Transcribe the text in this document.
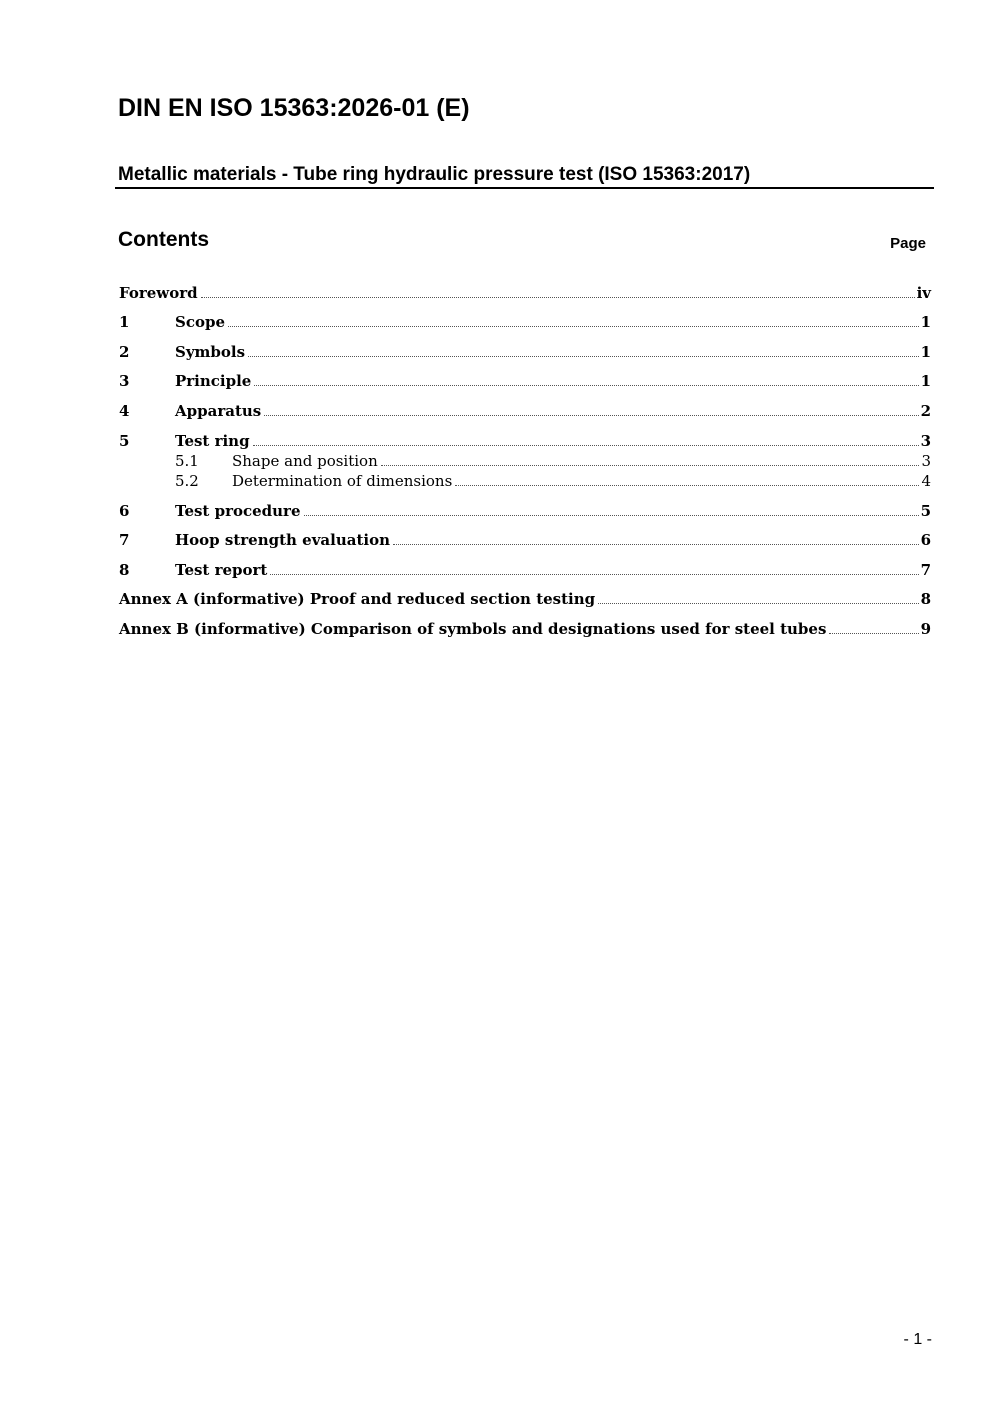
DIN EN ISO 15363:2026-01 (E)
Metallic materials - Tube ring hydraulic pressure test (ISO 15363:2017)
Contents	Page
Foreword	iv
1	Scope	1
2	Symbols	1
3	Principle	1
4	Apparatus	2
5	Test ring	3
5.1	Shape and position	3
5.2	Determination of dimensions	4
6	Test procedure	5
7	Hoop strength evaluation	6
8	Test report	7
Annex A (informative) Proof and reduced section testing	8
Annex B (informative) Comparison of symbols and designations used for steel tubes	9
- 1 -
